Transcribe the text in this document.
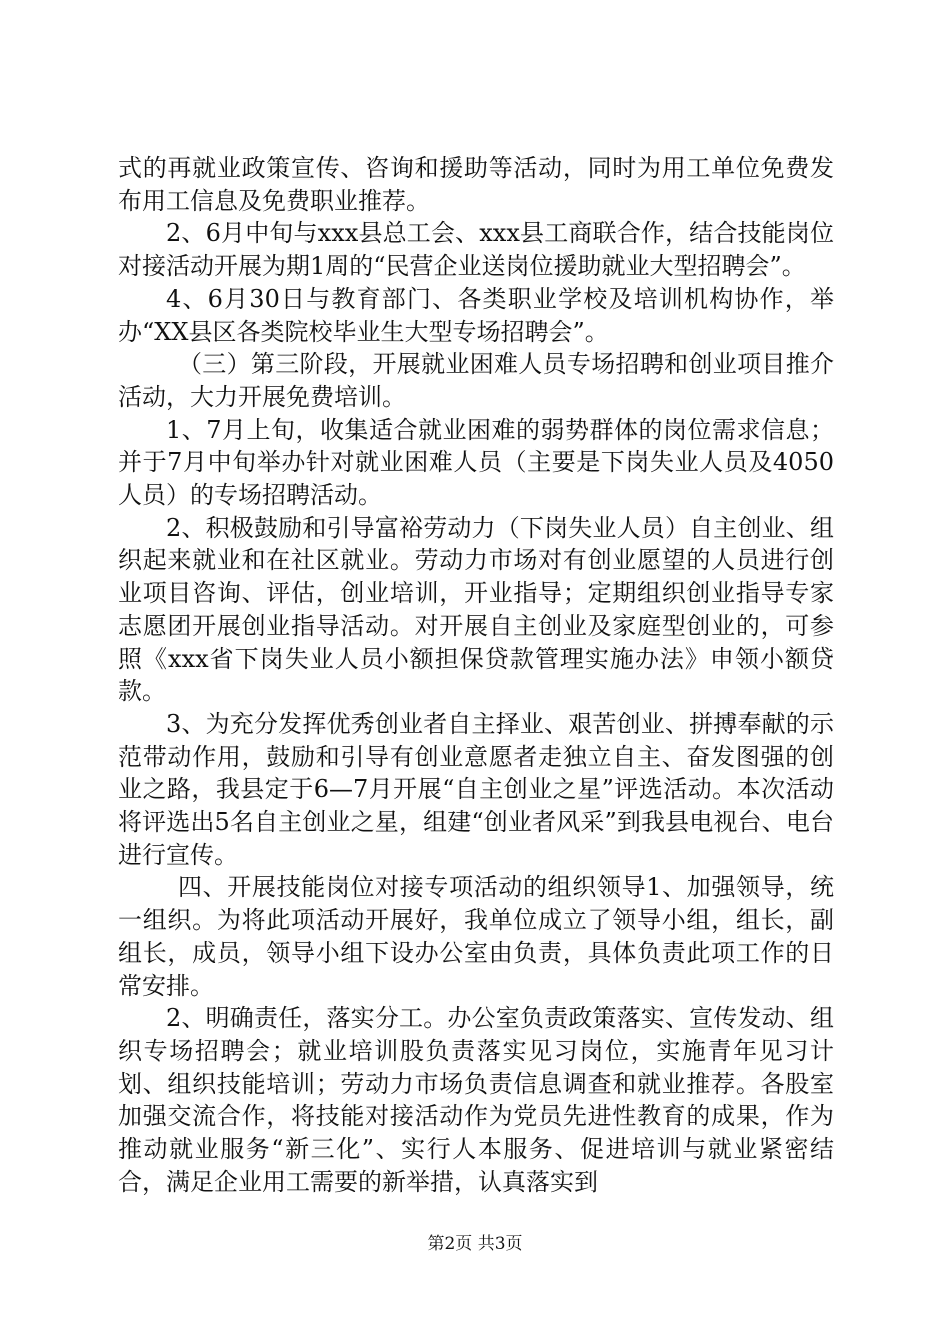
式的再就业政策宣传、咨询和援助等活动，同时为用工单位免费发布用工信息及免费职业推荐。

2、6月中旬与xxx县总工会、xxx县工商联合作，结合技能岗位对接活动开展为期1周的“民营企业送岗位援助就业大型招聘会”。

4、6月30日与教育部门、各类职业学校及培训机构协作，举办“XX县区各类院校毕业生大型专场招聘会”。

（三）第三阶段，开展就业困难人员专场招聘和创业项目推介活动，大力开展免费培训。

1、7月上旬，收集适合就业困难的弱势群体的岗位需求信息；并于7月中旬举办针对就业困难人员（主要是下岗失业人员及4050人员）的专场招聘活动。

2、积极鼓励和引导富裕劳动力（下岗失业人员）自主创业、组织起来就业和在社区就业。劳动力市场对有创业愿望的人员进行创业项目咨询、评估，创业培训，开业指导；定期组织创业指导专家志愿团开展创业指导活动。对开展自主创业及家庭型创业的，可参照《xxx省下岗失业人员小额担保贷款管理实施办法》申领小额贷款。

3、为充分发挥优秀创业者自主择业、艰苦创业、拼搏奉献的示范带动作用，鼓励和引导有创业意愿者走独立自主、奋发图强的创业之路，我县定于6—7月开展“自主创业之星”评选活动。本次活动将评选出5名自主创业之星，组建“创业者风采”到我县电视台、电台进行宣传。

四、开展技能岗位对接专项活动的组织领导1、加强领导，统一组织。为将此项活动开展好，我单位成立了领导小组，组长，副组长，成员，领导小组下设办公室由负责，具体负责此项工作的日常安排。

2、明确责任，落实分工。办公室负责政策落实、宣传发动、组织专场招聘会；就业培训股负责落实见习岗位，实施青年见习计划、组织技能培训；劳动力市场负责信息调查和就业推荐。各股室加强交流合作，将技能对接活动作为党员先进性教育的成果，作为推动就业服务“新三化”、实行人本服务、促进培训与就业紧密结合，满足企业用工需要的新举措，认真落实到

第2页 共3页
